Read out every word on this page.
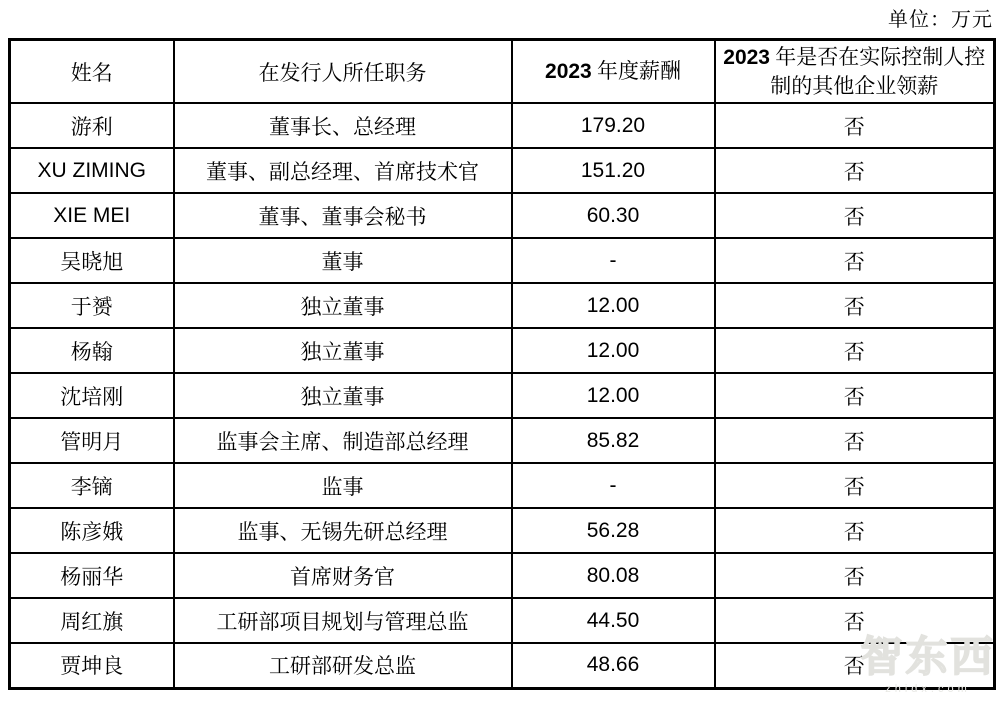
单位：万元
姓名	在发行人所任职务	2023 年度薪酬	2023 年是否在实际控制人控制的其他企业领薪
游利	董事长、总经理	179.20	否
XU ZIMING	董事、副总经理、首席技术官	151.20	否
XIE MEI	董事、董事会秘书	60.30	否
吴晓旭	董事	-	否
于赟	独立董事	12.00	否
杨翰	独立董事	12.00	否
沈培刚	独立董事	12.00	否
管明月	监事会主席、制造部总经理	85.82	否
李镝	监事	-	否
陈彦娥	监事、无锡先研总经理	56.28	否
杨丽华	首席财务官	80.08	否
周红旗	工研部项目规划与管理总监	44.50	否
贾坤良	工研部研发总监	48.66	否
智东西
zhidx.com
